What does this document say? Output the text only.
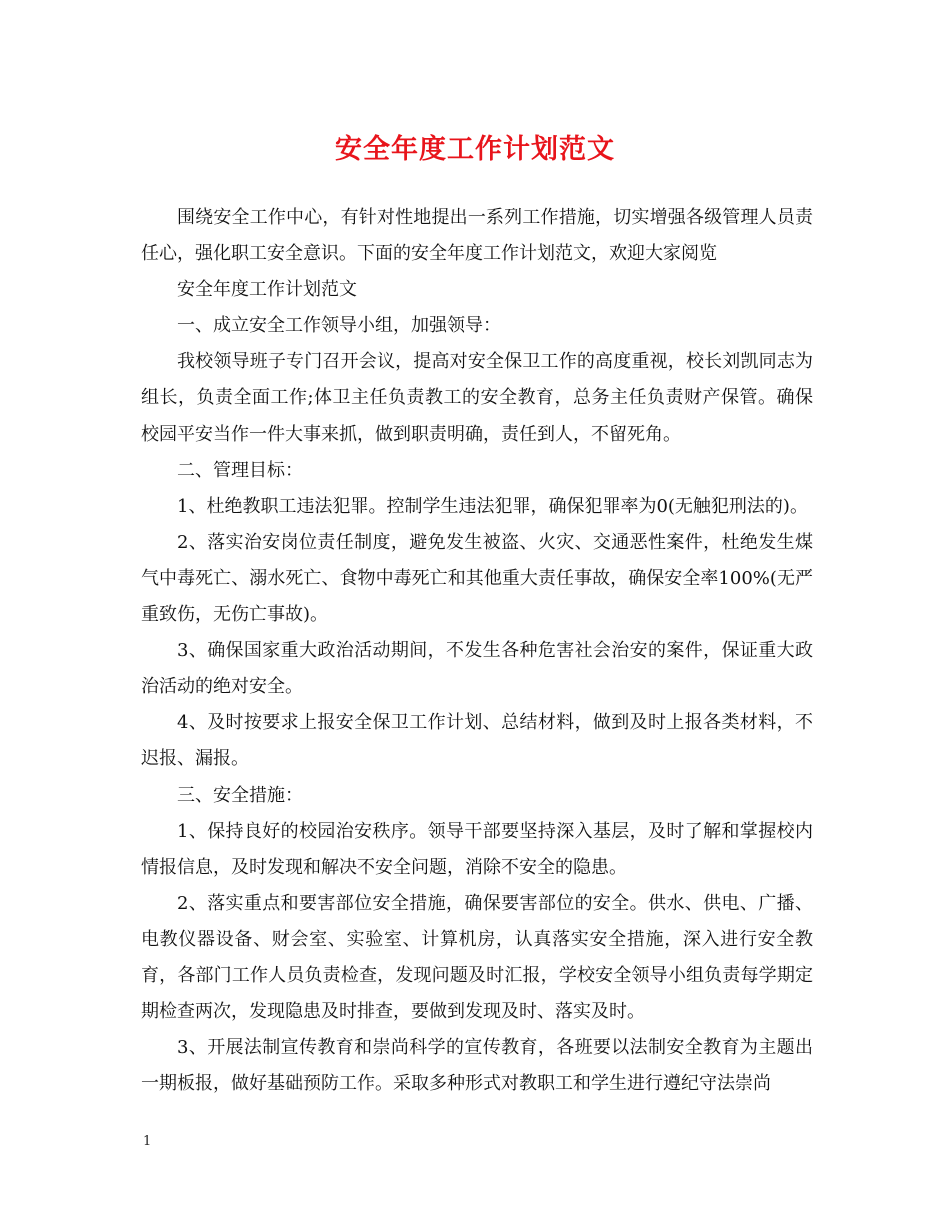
安全年度工作计划范文

围绕安全工作中心，有针对性地提出一系列工作措施，切实增强各级管理人员责任心，强化职工安全意识。下面的安全年度工作计划范文，欢迎大家阅览

安全年度工作计划范文

一、成立安全工作领导小组，加强领导：

我校领导班子专门召开会议，提高对安全保卫工作的高度重视，校长刘凯同志为组长，负责全面工作;体卫主任负责教工的安全教育，总务主任负责财产保管。确保校园平安当作一件大事来抓，做到职责明确，责任到人，不留死角。

二、管理目标：

1、杜绝教职工违法犯罪。控制学生违法犯罪，确保犯罪率为0(无触犯刑法的)。

2、落实治安岗位责任制度，避免发生被盗、火灾、交通恶性案件，杜绝发生煤气中毒死亡、溺水死亡、食物中毒死亡和其他重大责任事故，确保安全率100%(无严重致伤，无伤亡事故)。

3、确保国家重大政治活动期间，不发生各种危害社会治安的案件，保证重大政治活动的绝对安全。

4、及时按要求上报安全保卫工作计划、总结材料，做到及时上报各类材料，不迟报、漏报。

三、安全措施：

1、保持良好的校园治安秩序。领导干部要坚持深入基层，及时了解和掌握校内情报信息，及时发现和解决不安全问题，消除不安全的隐患。

2、落实重点和要害部位安全措施，确保要害部位的安全。供水、供电、广播、电教仪器设备、财会室、实验室、计算机房，认真落实安全措施，深入进行安全教育，各部门工作人员负责检查，发现问题及时汇报，学校安全领导小组负责每学期定期检查两次，发现隐患及时排查，要做到发现及时、落实及时。

3、开展法制宣传教育和崇尚科学的宣传教育，各班要以法制安全教育为主题出一期板报，做好基础预防工作。采取多种形式对教职工和学生进行遵纪守法崇尚

1
